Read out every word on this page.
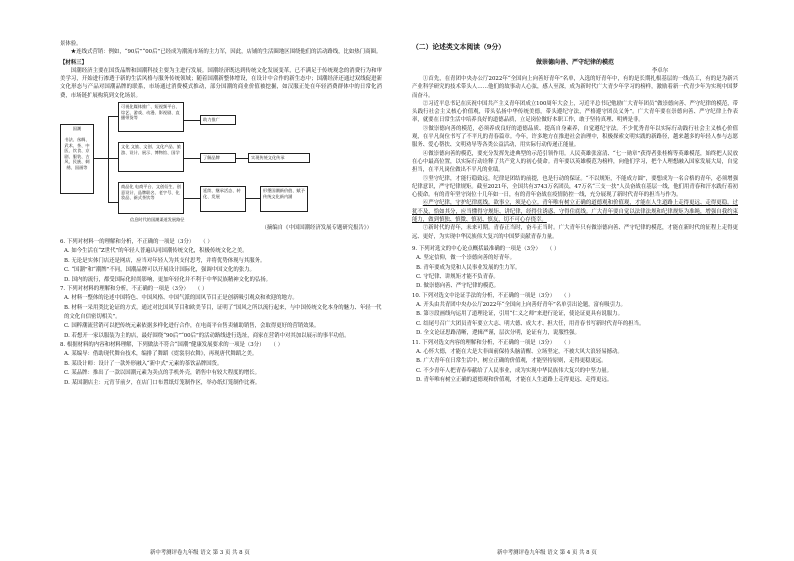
景体验。

★连线式营销：例如，“90后”“00后”已经成为潮流市场的主力军，因此，店铺的生活圈地区围绕他们的活动路线，比如热门商圈。

【材料三】

国潮经济主要在国货品牌和国潮科技主要为主进行发展。国潮经济既达到传统文化发展变革，已不满足于传统观念的消费行为和审美学习，开始进行渗透于新的生活风格与服务传统领域；随着国潮新整体增设，在设计中合作的新生态中；国潮经济还通过双线促进新文化形态与产品对国潮品牌的联系，市场通过消费模式推动，部分国潮的商业价值被挖掘，如汉服正处在年轻消费群体中的日常化消费，市场链扩展构筑到文化场景。

国潮

书法、丝绸、武术、茶、中医、饮食、京剧、服装、古风、民族、刺绣、国画等
可视化媒体推广、短视频平台、综艺、游戏、动漫、影视剧、直播带货等
文化 文旅、文创、文化产品、旅游、设计、展示、博物馆、国学
商品化 电商平台、文创衍生、创意设计、品牌联名、老字号、化妆品、新式茶饮等
助力推广
了解品牌	实现传统文化传承
延续、继承活态、转化、发展
形塑国潮新价值、赋予传统文化新内涵
信息时代的国潮渠道发展路径

（摘编自《中国国潮经济发展专题研究报告》）

6. 下列对材料一的理解和分析，不正确的一项是（3分） （ ）

A. 如今生活在“Z世代”的年轻人普遍认同国潮传统文化，积极传统文化之美。

B. 无论是实体门店还是网店，应当对年轻人为其支付思考，并将优势体现与其服务。

C. “国潮”和“潮牌”不同，国潮品牌可以开展设计国际化，强调中国文化的张力。

D. 国内的流行，都受国际化时尚影响，更加年轻化并不利于中华民族精神文化的弘扬。

7. 下列对材料的理解和分析，不正确的一项是（3分） （ ）

A. 材料一整体的论述中国特色、中国风格、中国气派的国风节目正是创新吸引观众和欢迎的地方。

B. 材料一采用类比论证的方式，通过对比国风节目和欧美节目，证明了“国风之所以流行起来，与中国传统文化本身的魅力、年轻一代的文化自信密切相关”。

C. 国粹潮流营销可以把传统元素依据多样化进行合作，在电商平台售卖辅助销售，会取得更好的营销效果。

D. 若想开一家以服装为主的店，最好围绕“90后”“00后”的活动路线进行选址，商家在营销中对其加以展示的事半功倍。

8. 根据材料的内容和材料理解，下列做法不符合“国潮”健康发展要求的一项是（3分） （ ）

A. 某编导：借助现代舞台技术，编排了舞蹈《霓裳羽衣舞》，再现唐代舞蹈之美。

B. 某设计师：设计了一款外形融入“新中式”元素的茶饮品牌国货。

C. 某品牌：推出了一款以国潮元素为卖点的手机外壳，销售中有较大程度的增长。

D. 某国潮店主：元宵节前夕，在店门口布置纸灯笼制作区，举办纸灯笼制作比赛。

新中考测评卷九年级 语文 第 3 页 共 8 页

（二）论述类文本阅读（9分）

做崇德向善、严守纪律的模范

李卓尔

①首先，在青团中央办公厅2022年“全国向上向善好青年”名单，入选的好青年中，有的是长期扎根基层的一线员工，有的是为新兴产业科学研究的技术带头人……他们的故事动人心弦，感人至深，成为新时代广大青少年学习的榜样，激励着新一代青少年为实现中国梦而奋斗。

②习近平总书记在庆祝中国共产主义青年团成立100周年大会上，习近平总书记勉励广大青年团员“做崇德向善、严守纪律的模范，带头践行社会主义核心价值观，带头弘扬中华传统美德，带头遵纪守法，严格遵守团员义务”。广大青年要在崇德向善、严守纪律上作表率，就要在日常生活中培养良好的道德品质，立足岗位做好本职工作，敢于坚持真理、明辨是非。

③做崇德向善的模范，必须养成良好的道德品质、提高自身素养，自觉遵纪守法。不少优秀青年以实际行动践行社会主义核心价值观，在平凡岗位书写了不平凡的青春篇章。今年，许多地方在推进社会治理中，积极探索文明实践的新路径，越来越多的年轻人参与志愿服务、爱心帮扶、文明劝导等各类公益活动，用实际行动传递正能量。

④做崇德向善的模范，要充分发挥先进典型的示范引领作用。人民英雄张富清、“七一勋章”获得者张桂梅等英雄模范，始终把人民放在心中最高位置，以实际行动诠释了共产党人的初心使命。青年要以英雄模范为榜样，向他们学习，把个人理想融入国家发展大局，自觉担当，在平凡岗位做出不平凡的业绩。

⑤坚守纪律，才能行稳致远。纪律是团结的前提，也是行动的保证。“不以规矩，不能成方圆”，要想成为一名合格的青年，必须增强纪律意识，严守纪律规矩。截至2021年，全国共有3743万名团员，47万名“三支一扶”人员奋战在基层一线，他们用青春和汗水践行着初心使命。有的青年坚守岗位十几年如一日，有的青年奋战在疫情防控一线，充分展现了新时代青年的担当与作为。

⑥严守纪律，守护纪律底线。欲事立，须是心立。青年唯有树立正确的道德观和价值观，才能在人生道路上走得更远、走得更稳。过犹不及，恰如其分，应当懂得守规矩、讲纪律，经得住诱惑、守得住底线。广大青年要自觉以法律法规和纪律规矩为准绳，增强自我约束能力，做到慎独、慎微、慎初、慎友，切不可心存侥幸。

⑦新时代的青年，未来可期。青春正当时，奋斗正当时。广大青年只有做崇德向善、严守纪律的模范，才能在新时代的征程上走得更远、更好，为实现中华民族伟大复兴的中国梦贡献青春力量。

9. 下列对选文的中心论点概括最准确的一项是（3分） （ ）

A. 坚定信仰，做一个崇德向善的好青年。

B. 青年要成为党和人民事业发展的生力军。

C. 守纪律、讲规矩才能不负青春。

D. 做崇德向善、严守纪律的模范。

10. 下列对选文中论证手法的分析，不正确的一项是（3分） （ ）

A. 开头由共青团中央办公厅2022年“全国向上向善好青年”名单引出论题，富有吸引力。

B. 第③段画线句运用了道理论证，引用“仁义之师”来进行论证，使论证更具有说服力。

C. 结尾号召广大团员青年要立大志、明大德、成大才、担大任，用青春书写新时代青年的担当。

D. 全文论证思路清晰，逻辑严谨，层次分明，论证有力，说服性强。

11. 下列对选文内容的理解和分析，不正确的一项是（3分） （ ）

A. 心怀大德，才能在大是大非面前保持头脑清醒、立场坚定，不被大风大浪轻易撼动。

B. 广大青年在日常生活中，树立正确的价值观，才能坚持原则，走得更稳更远。

C. 不少青年人把青春奉献给了人民事业，成为实现中华民族伟大复兴的中坚力量。

D. 青年唯有树立正确的道德观和价值观，才能在人生道路上走得更远、走得更远。

新中考测评卷九年级 语文 第 4 页 共 8 页
